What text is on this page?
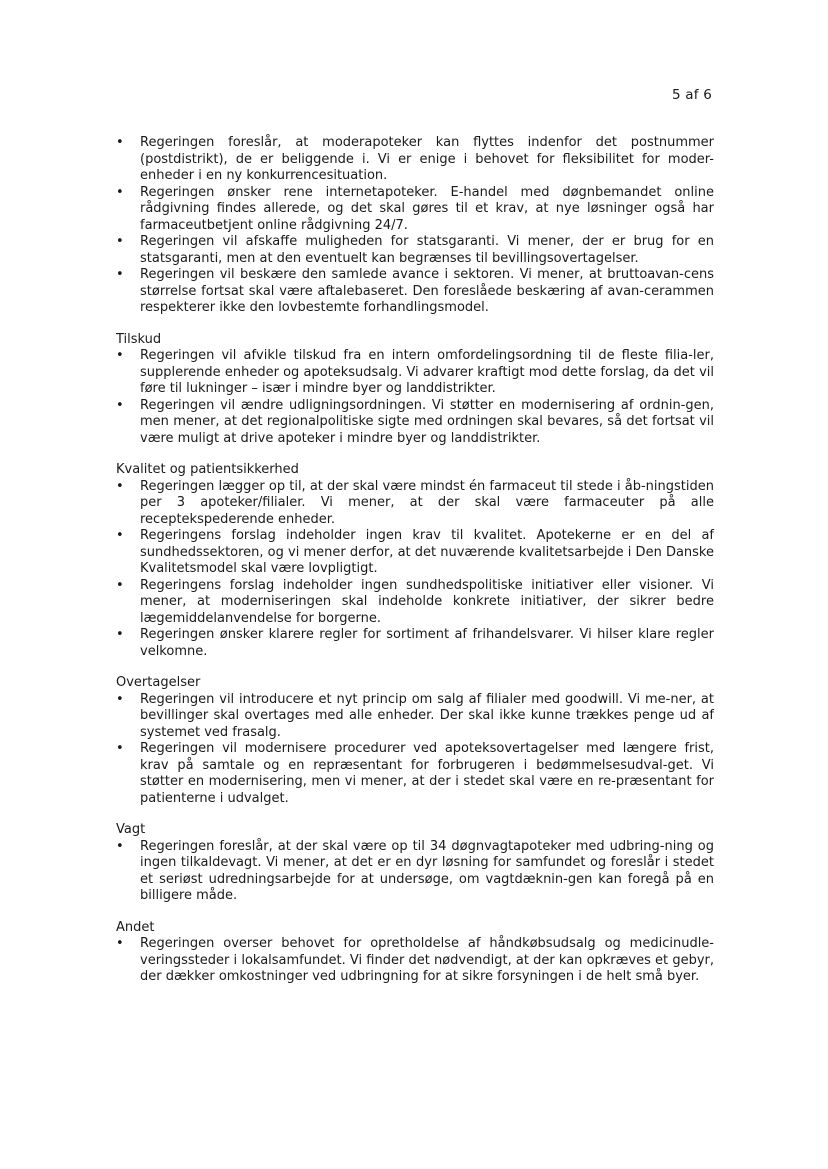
5 af 6
• Regeringen foreslår, at moderapoteker kan flyttes indenfor det postnummer (postdistrikt), de er beliggende i. Vi er enige i behovet for fleksibilitet for moder-enheder i en ny konkurrencesituation.
• Regeringen ønsker rene internetapoteker. E-handel med døgnbemandet online rådgivning findes allerede, og det skal gøres til et krav, at nye løsninger også har farmaceutbetjent online rådgivning 24/7.
• Regeringen vil afskaffe muligheden for statsgaranti. Vi mener, der er brug for en statsgaranti, men at den eventuelt kan begrænses til bevillingsovertagelser.
• Regeringen vil beskære den samlede avance i sektoren. Vi mener, at bruttoavan-cens størrelse fortsat skal være aftalebaseret. Den foreslåede beskæring af avan-cerammen respekterer ikke den lovbestemte forhandlingsmodel.

Tilskud

• Regeringen vil afvikle tilskud fra en intern omfordelingsordning til de fleste filia-ler, supplerende enheder og apoteksudsalg. Vi advarer kraftigt mod dette forslag, da det vil føre til lukninger – især i mindre byer og landdistrikter.
• Regeringen vil ændre udligningsordningen. Vi støtter en modernisering af ordnin-gen, men mener, at det regionalpolitiske sigte med ordningen skal bevares, så det fortsat vil være muligt at drive apoteker i mindre byer og landdistrikter.

Kvalitet og patientsikkerhed

• Regeringen lægger op til, at der skal være mindst én farmaceut til stede i åb-ningstiden per 3 apoteker/filialer. Vi mener, at der skal være farmaceuter på alle receptekspederende enheder.
• Regeringens forslag indeholder ingen krav til kvalitet. Apotekerne er en del af sundhedssektoren, og vi mener derfor, at det nuværende kvalitetsarbejde i Den Danske Kvalitetsmodel skal være lovpligtigt.
• Regeringens forslag indeholder ingen sundhedspolitiske initiativer eller visioner. Vi mener, at moderniseringen skal indeholde konkrete initiativer, der sikrer bedre lægemiddelanvendelse for borgerne.
• Regeringen ønsker klarere regler for sortiment af frihandelsvarer. Vi hilser klare regler velkomne.

Overtagelser

• Regeringen vil introducere et nyt princip om salg af filialer med goodwill. Vi me-ner, at bevillinger skal overtages med alle enheder. Der skal ikke kunne trækkes penge ud af systemet ved frasalg.
• Regeringen vil modernisere procedurer ved apoteksovertagelser med længere frist, krav på samtale og en repræsentant for forbrugeren i bedømmelsesudval-get. Vi støtter en modernisering, men vi mener, at der i stedet skal være en re-præsentant for patienterne i udvalget.

Vagt

• Regeringen foreslår, at der skal være op til 34 døgnvagtapoteker med udbring-ning og ingen tilkaldevagt. Vi mener, at det er en dyr løsning for samfundet og foreslår i stedet et seriøst udredningsarbejde for at undersøge, om vagtdæknin-gen kan foregå på en billigere måde.

Andet

• Regeringen overser behovet for opretholdelse af håndkøbsudsalg og medicinudle-veringssteder i lokalsamfundet. Vi finder det nødvendigt, at der kan opkræves et gebyr, der dækker omkostninger ved udbringning for at sikre forsyningen i de helt små byer.
